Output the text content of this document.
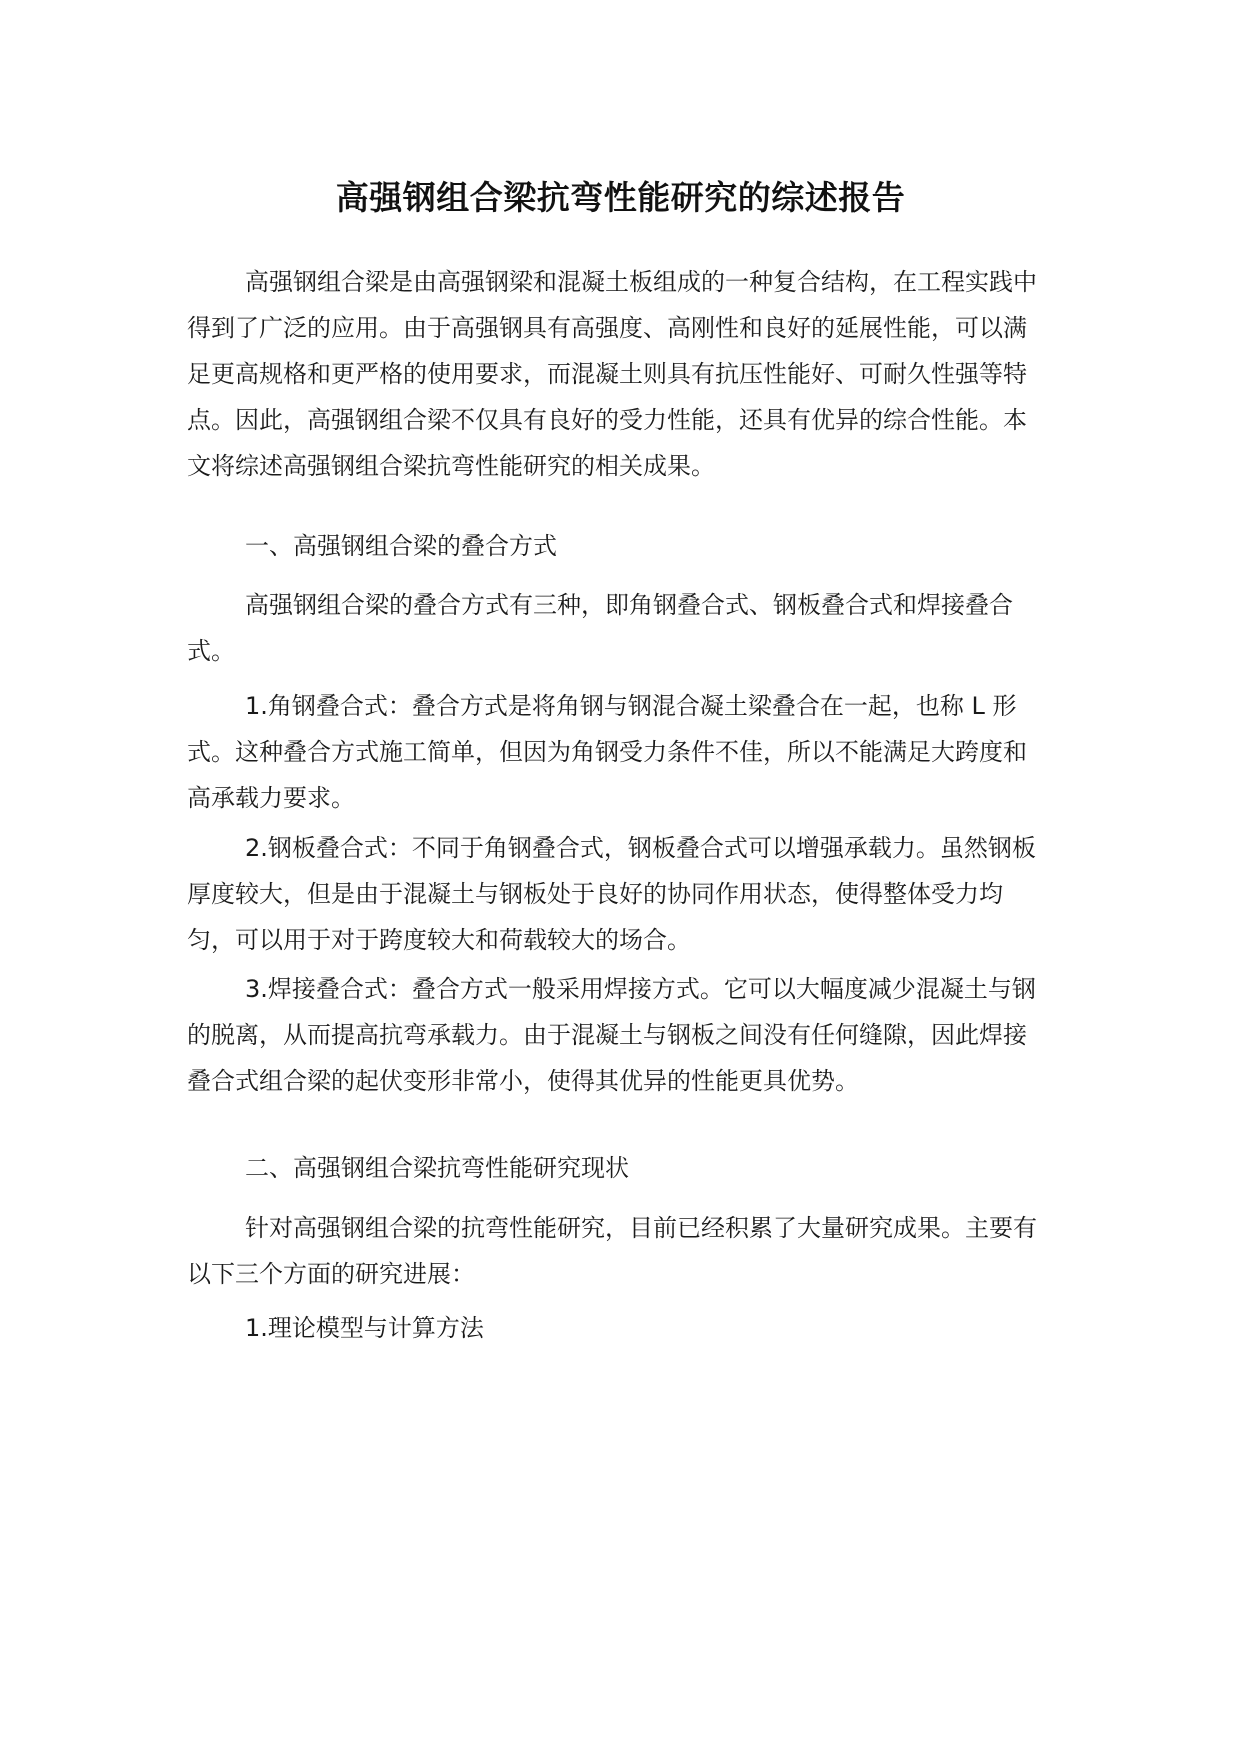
高强钢组合梁抗弯性能研究的综述报告

高强钢组合梁是由高强钢梁和混凝土板组成的一种复合结构，在工程实践中得到了广泛的应用。由于高强钢具有高强度、高刚性和良好的延展性能，可以满足更高规格和更严格的使用要求，而混凝土则具有抗压性能好、可耐久性强等特点。因此，高强钢组合梁不仅具有良好的受力性能，还具有优异的综合性能。本文将综述高强钢组合梁抗弯性能研究的相关成果。

一、高强钢组合梁的叠合方式

高强钢组合梁的叠合方式有三种，即角钢叠合式、钢板叠合式和焊接叠合式。

1.角钢叠合式：叠合方式是将角钢与钢混合凝土梁叠合在一起，也称 L 形式。这种叠合方式施工简单，但因为角钢受力条件不佳，所以不能满足大跨度和高承载力要求。

2.钢板叠合式：不同于角钢叠合式，钢板叠合式可以增强承载力。虽然钢板厚度较大，但是由于混凝土与钢板处于良好的协同作用状态，使得整体受力均匀，可以用于对于跨度较大和荷载较大的场合。

3.焊接叠合式：叠合方式一般采用焊接方式。它可以大幅度减少混凝土与钢的脱离，从而提高抗弯承载力。由于混凝土与钢板之间没有任何缝隙，因此焊接叠合式组合梁的起伏变形非常小，使得其优异的性能更具优势。

二、高强钢组合梁抗弯性能研究现状

针对高强钢组合梁的抗弯性能研究，目前已经积累了大量研究成果。主要有以下三个方面的研究进展：

1.理论模型与计算方法
